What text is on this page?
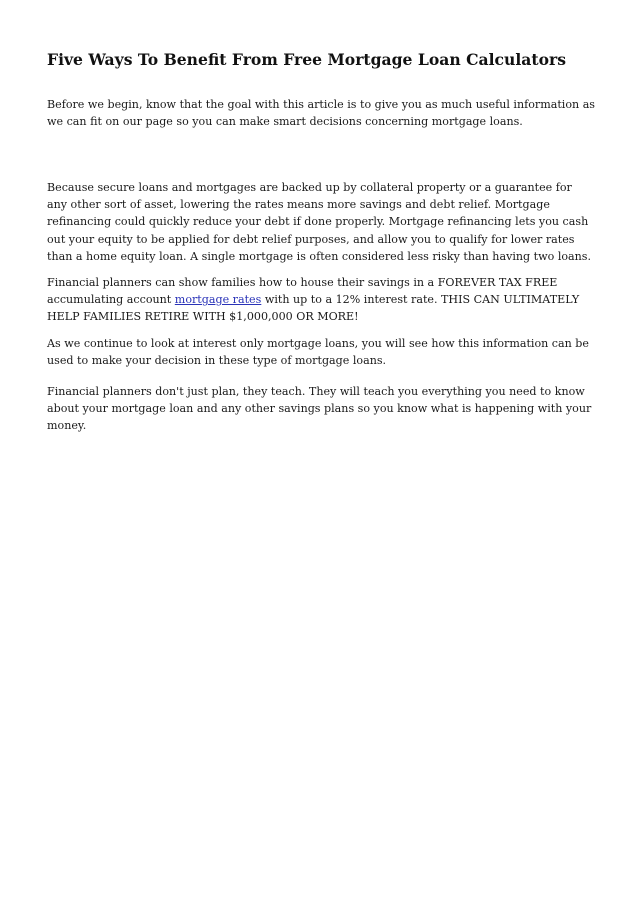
Five Ways To Benefit From Free Mortgage Loan Calculators

Before we begin, know that the goal with this article is to give you as much useful information as we can fit on our page so you can make smart decisions concerning mortgage loans.

Because secure loans and mortgages are backed up by collateral property or a guarantee for any other sort of asset, lowering the rates means more savings and debt relief. Mortgage refinancing could quickly reduce your debt if done properly. Mortgage refinancing lets you cash out your equity to be applied for debt relief purposes, and allow you to qualify for lower rates than a home equity loan. A single mortgage is often considered less risky than having two loans.

Financial planners can show families how to house their savings in a FOREVER TAX FREE accumulating account mortgage rates with up to a 12% interest rate. THIS CAN ULTIMATELY HELP FAMILIES RETIRE WITH $1,000,000 OR MORE!

As we continue to look at interest only mortgage loans, you will see how this information can be used to make your decision in these type of mortgage loans.

Financial planners don't just plan, they teach. They will teach you everything you need to know about your mortgage loan and any other savings plans so you know what is happening with your money.
